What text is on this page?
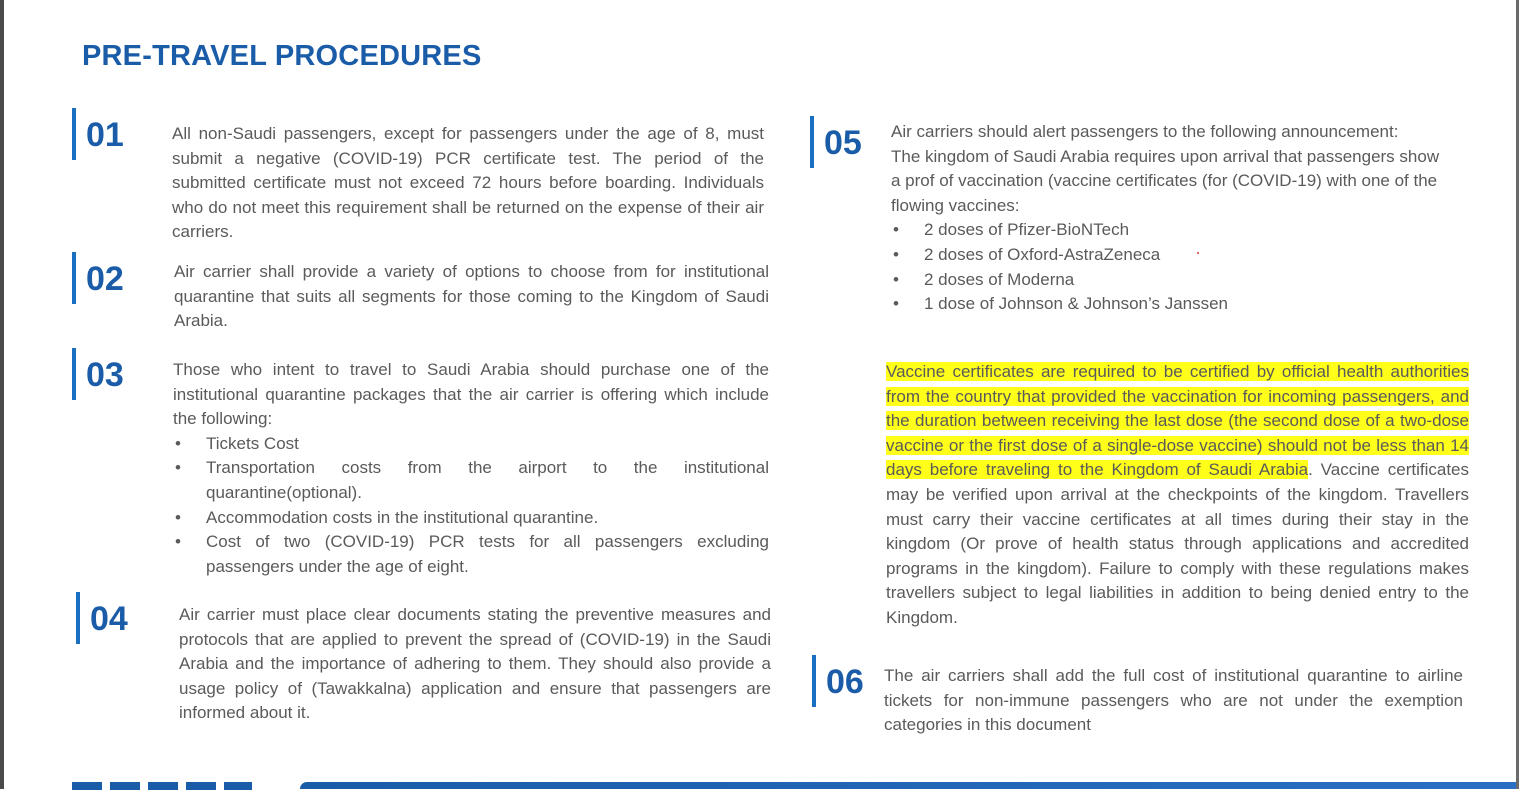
PRE-TRAVEL PROCEDURES
01	All non-Saudi passengers, except for passengers under the age of 8, must submit a negative (COVID-19) PCR certificate test. The period of the submitted certificate must not exceed 72 hours before boarding. Individuals who do not meet this requirement shall be returned on the expense of their air carriers.

02	Air carrier shall provide a variety of options to choose from for institutional quarantine that suits all segments for those coming to the Kingdom of Saudi Arabia.

03	Those who intent to travel to Saudi Arabia should purchase one of the institutional quarantine packages that the air carrier is offering which include the following:

• Tickets Cost
• Transportation costs from the airport to the institutional quarantine(optional).
• Accommodation costs in the institutional quarantine.
• Cost of two (COVID-19) PCR tests for all passengers excluding passengers under the age of eight.
04	Air carrier must place clear documents stating the preventive measures and protocols that are applied to prevent the spread of (COVID-19) in the Saudi Arabia and the importance of adhering to them. They should also provide a usage policy of (Tawakkalna) application and ensure that passengers are informed about it.

05 Air carriers should alert passengers to the following announcement:

The kingdom of Saudi Arabia requires upon arrival that passengers show a prof of vaccination (vaccine certificates (for (COVID-19) with one of the flowing vaccines:

• 2 doses of Pfizer-BioNTech
• 2 doses of Oxford-AstraZeneca
• 2 doses of Moderna
• 1 dose of Johnson & Johnson’s Janssen

Vaccine certificates are required to be certified by official health authorities from the country that provided the vaccination for incoming passengers, and the duration between receiving the last dose (the second dose of a two-dose vaccine or the first dose of a single-dose vaccine) should not be less than 14 days before traveling to the Kingdom of Saudi Arabia. Vaccine certificates may be verified upon arrival at the checkpoints of the kingdom. Travellers must carry their vaccine certificates at all times during their stay in the kingdom (Or prove of health status through applications and accredited programs in the kingdom). Failure to comply with these regulations makes travellers subject to legal liabilities in addition to being denied entry to the Kingdom.

06 The air carriers shall add the full cost of institutional quarantine to airline tickets for non-immune passengers who are not under the exemption categories in this document
